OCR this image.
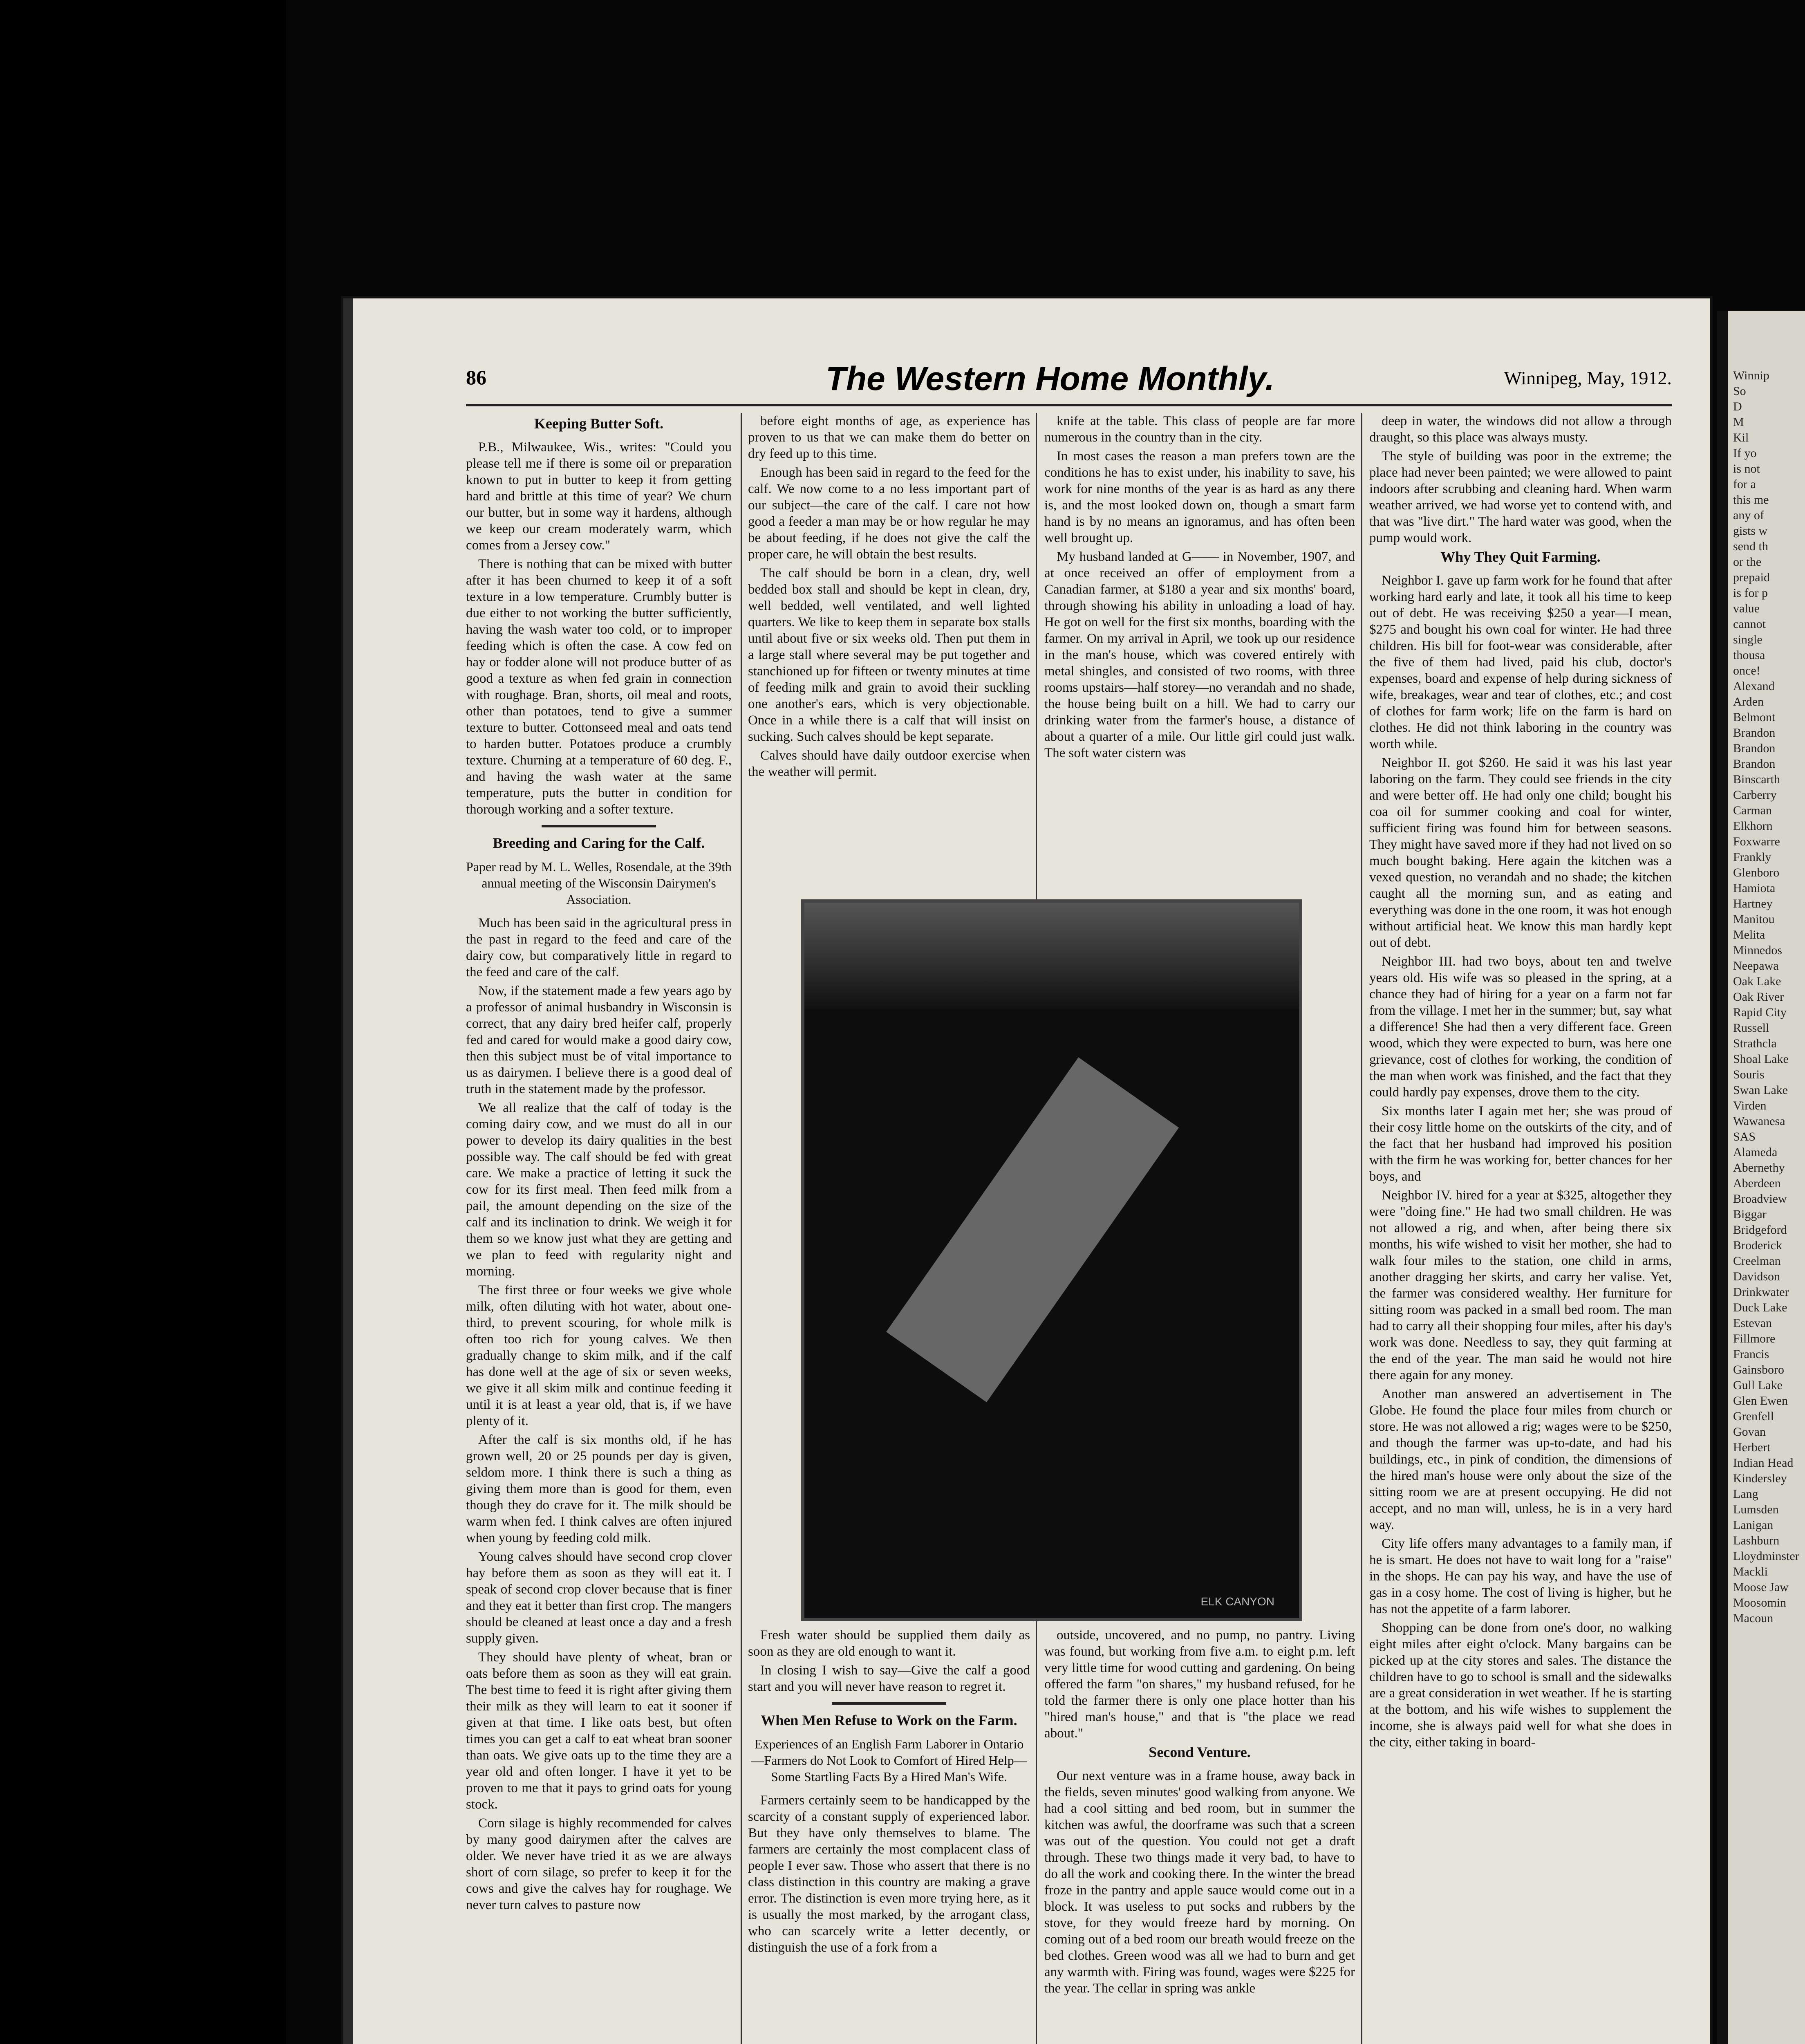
86	The Western Home Monthly.	Winnipeg, May, 1912.
Keeping Butter Soft.

P.B., Milwaukee, Wis., writes: "Could you please tell me if there is some oil or preparation known to put in butter to keep it from getting hard and brittle at this time of year? We churn our butter, but in some way it hardens, although we keep our cream moderately warm, which comes from a Jersey cow."

There is nothing that can be mixed with butter after it has been churned to keep it of a soft texture in a low temperature. Crumbly butter is due either to not working the butter sufficiently, having the wash water too cold, or to improper feeding which is often the case. A cow fed on hay or fodder alone will not produce butter of as good a texture as when fed grain in connection with roughage. Bran, shorts, oil meal and roots, other than potatoes, tend to give a summer texture to butter. Cottonseed meal and oats tend to harden butter. Potatoes produce a crumbly texture. Churning at a temperature of 60 deg. F., and having the wash water at the same temperature, puts the butter in condition for thorough working and a softer texture.

Breeding and Caring for the Calf.
Paper read by M. L. Welles, Rosendale, at the 39th annual meeting of the Wisconsin Dairymen's Association.

Much has been said in the agricultural press in the past in regard to the feed and care of the dairy cow, but comparatively little in regard to the feed and care of the calf.

Now, if the statement made a few years ago by a professor of animal husbandry in Wisconsin is correct, that any dairy bred heifer calf, properly fed and cared for would make a good dairy cow, then this subject must be of vital importance to us as dairymen. I believe there is a good deal of truth in the statement made by the professor.

We all realize that the calf of today is the coming dairy cow, and we must do all in our power to develop its dairy qualities in the best possible way. The calf should be fed with great care. We make a practice of letting it suck the cow for its first meal. Then feed milk from a pail, the amount depending on the size of the calf and its inclination to drink. We weigh it for them so we know just what they are getting and we plan to feed with regularity night and morning.

The first three or four weeks we give whole milk, often diluting with hot water, about one-third, to prevent scouring, for whole milk is often too rich for young calves. We then gradually change to skim milk, and if the calf has done well at the age of six or seven weeks, we give it all skim milk and continue feeding it until it is at least a year old, that is, if we have plenty of it.

After the calf is six months old, if he has grown well, 20 or 25 pounds per day is given, seldom more. I think there is such a thing as giving them more than is good for them, even though they do crave for it. The milk should be warm when fed. I think calves are often injured when young by feeding cold milk.

Young calves should have second crop clover hay before them as soon as they will eat it. I speak of second crop clover because that is finer and they eat it better than first crop. The mangers should be cleaned at least once a day and a fresh supply given.

They should have plenty of wheat, bran or oats before them as soon as they will eat grain. The best time to feed it is right after giving them their milk as they will learn to eat it sooner if given at that time. I like oats best, but often times you can get a calf to eat wheat bran sooner than oats. We give oats up to the time they are a year old and often longer. I have it yet to be proven to me that it pays to grind oats for young stock.

Corn silage is highly recommended for calves by many good dairymen after the calves are older. We never have tried it as we are always short of corn silage, so prefer to keep it for the cows and give the calves hay for roughage. We never turn calves to pasture now

before eight months of age, as experience has proven to us that we can make them do better on dry feed up to this time.

Enough has been said in regard to the feed for the calf. We now come to a no less important part of our subject—the care of the calf. I care not how good a feeder a man may be or how regular he may be about feeding, if he does not give the calf the proper care, he will obtain the best results.

The calf should be born in a clean, dry, well bedded box stall and should be kept in clean, dry, well bedded, well ventilated, and well lighted quarters. We like to keep them in separate box stalls until about five or six weeks old. Then put them in a large stall where several may be put together and stanchioned up for fifteen or twenty minutes at time of feeding milk and grain to avoid their suckling one another's ears, which is very objectionable. Once in a while there is a calf that will insist on sucking. Such calves should be kept separate.

Calves should have daily outdoor exercise when the weather will permit.

knife at the table. This class of people are far more numerous in the country than in the city.

In most cases the reason a man prefers town are the conditions he has to exist under, his inability to save, his work for nine months of the year is as hard as any there is, and the most looked down on, though a smart farm hand is by no means an ignoramus, and has often been well brought up.

My husband landed at G—— in November, 1907, and at once received an offer of employment from a Canadian farmer, at $180 a year and six months' board, through showing his ability in unloading a load of hay. He got on well for the first six months, boarding with the farmer. On my arrival in April, we took up our residence in the man's house, which was covered entirely with metal shingles, and consisted of two rooms, with three rooms upstairs—half storey—no verandah and no shade, the house being built on a hill. We had to carry our drinking water from the farmer's house, a distance of about a quarter of a mile. Our little girl could just walk. The soft water cistern was

ELK CANYON

Fresh water should be supplied them daily as soon as they are old enough to want it.

In closing I wish to say—Give the calf a good start and you will never have reason to regret it.

When Men Refuse to Work on the Farm.
Experiences of an English Farm Laborer in Ontario—Farmers do Not Look to Comfort of Hired Help—Some Startling Facts By a Hired Man's Wife.

Farmers certainly seem to be handicapped by the scarcity of a constant supply of experienced labor. But they have only themselves to blame. The farmers are certainly the most complacent class of people I ever saw. Those who assert that there is no class distinction in this country are making a grave error. The distinction is even more trying here, as it is usually the most marked, by the arrogant class, who can scarcely write a letter decently, or distinguish the use of a fork from a

outside, uncovered, and no pump, no pantry. Living was found, but working from five a.m. to eight p.m. left very little time for wood cutting and gardening. On being offered the farm "on shares," my husband refused, for he told the farmer there is only one place hotter than his "hired man's house," and that is "the place we read about."

Second Venture.

Our next venture was in a frame house, away back in the fields, seven minutes' good walking from anyone. We had a cool sitting and bed room, but in summer the kitchen was awful, the doorframe was such that a screen was out of the question. You could not get a draft through. These two things made it very bad, to have to do all the work and cooking there. In the winter the bread froze in the pantry and apple sauce would come out in a block. It was useless to put socks and rubbers by the stove, for they would freeze hard by morning. On coming out of a bed room our breath would freeze on the bed clothes. Green wood was all we had to burn and get any warmth with. Firing was found, wages were $225 for the year. The cellar in spring was ankle

deep in water, the windows did not allow a through draught, so this place was always musty.

The style of building was poor in the extreme; the place had never been painted; we were allowed to paint indoors after scrubbing and cleaning hard. When warm weather arrived, we had worse yet to contend with, and that was "live dirt." The hard water was good, when the pump would work.

Why They Quit Farming.

Neighbor I. gave up farm work for he found that after working hard early and late, it took all his time to keep out of debt. He was receiving $250 a year—I mean, $275 and bought his own coal for winter. He had three children. His bill for foot-wear was considerable, after the five of them had lived, paid his club, doctor's expenses, board and expense of help during sickness of wife, breakages, wear and tear of clothes, etc.; and cost of clothes for farm work; life on the farm is hard on clothes. He did not think laboring in the country was worth while.

Neighbor II. got $260. He said it was his last year laboring on the farm. They could see friends in the city and were better off. He had only one child; bought his coa oil for summer cooking and coal for winter, sufficient firing was found him for between seasons. They might have saved more if they had not lived on so much bought baking. Here again the kitchen was a vexed question, no verandah and no shade; the kitchen caught all the morning sun, and as eating and everything was done in the one room, it was hot enough without artificial heat. We know this man hardly kept out of debt.

Neighbor III. had two boys, about ten and twelve years old. His wife was so pleased in the spring, at a chance they had of hiring for a year on a farm not far from the village. I met her in the summer; but, say what a difference! She had then a very different face. Green wood, which they were expected to burn, was here one grievance, cost of clothes for working, the condition of the man when work was finished, and the fact that they could hardly pay expenses, drove them to the city.

Six months later I again met her; she was proud of their cosy little home on the outskirts of the city, and of the fact that her husband had improved his position with the firm he was working for, better chances for her boys, and

Neighbor IV. hired for a year at $325, altogether they were "doing fine." He had two small children. He was not allowed a rig, and when, after being there six months, his wife wished to visit her mother, she had to walk four miles to the station, one child in arms, another dragging her skirts, and carry her valise. Yet, the farmer was considered wealthy. Her furniture for sitting room was packed in a small bed room. The man had to carry all their shopping four miles, after his day's work was done. Needless to say, they quit farming at the end of the year. The man said he would not hire there again for any money.

Another man answered an advertisement in The Globe. He found the place four miles from church or store. He was not allowed a rig; wages were to be $250, and though the farmer was up-to-date, and had his buildings, etc., in pink of condition, the dimensions of the hired man's house were only about the size of the sitting room we are at present occupying. He did not accept, and no man will, unless, he is in a very hard way.

City life offers many advantages to a family man, if he is smart. He does not have to wait long for a "raise" in the shops. He can pay his way, and have the use of gas in a cosy home. The cost of living is higher, but he has not the appetite of a farm laborer.

Shopping can be done from one's door, no walking eight miles after eight o'clock. Many bargains can be picked up at the city stores and sales. The distance the children have to go to school is small and the sidewalks are a great consideration in wet weather. If he is starting at the bottom, and his wife wishes to supplement the income, she is always paid well for what she does in the city, either taking in board-

Winnip
So
D
M
Kil
If yo
is not
for a
this me
any of
gists w
send th
or the
prepaid
is for p
value
cannot
single
thousa
once!
Alexand
Arden
Belmont
Brandon
Brandon
Brandon
Binscarth
Carberry
Carman
Elkhorn
Foxwarre
Frankly
Glenboro
Hamiota
Hartney
Manitou
Melita
Minnedos
Neepawa
Oak Lake
Oak River
Rapid City
Russell
Strathcla
Shoal Lake
Souris
Swan Lake
Virden
Wawanesa
SAS
Alameda
Abernethy
Aberdeen
Broadview
Biggar
Bridgeford
Broderick
Creelman
Davidson
Drinkwater
Duck Lake
Estevan
Fillmore
Francis
Gainsboro
Gull Lake
Glen Ewen
Grenfell
Govan
Herbert
Indian Head
Kindersley
Lang
Lumsden
Lanigan
Lashburn
Lloydminster
Mackli
Moose Jaw
Moosomin
Macoun
